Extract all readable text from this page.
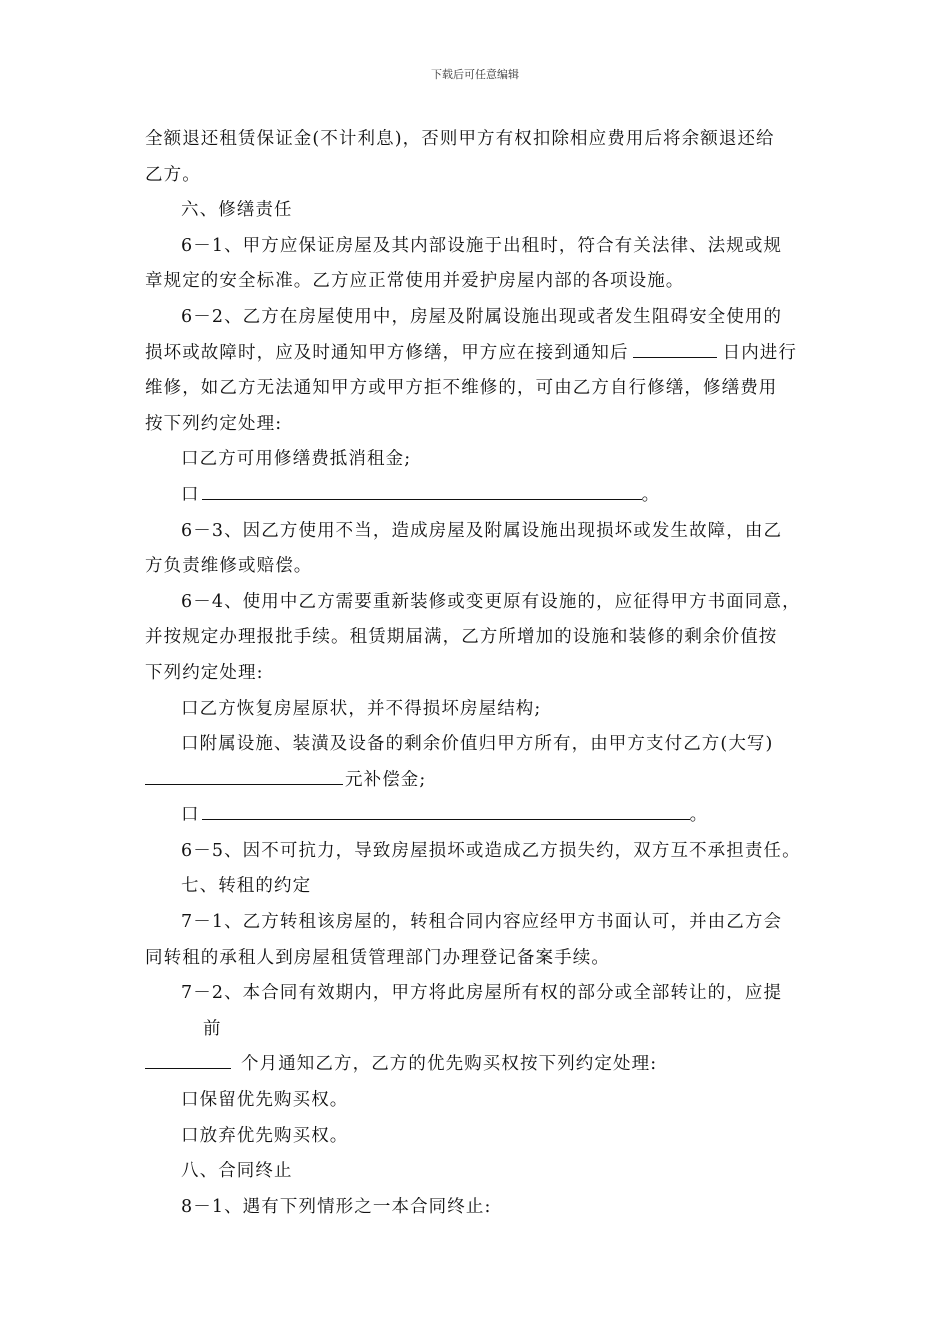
下载后可任意编辑
全额退还租赁保证金(不计利息)，否则甲方有权扣除相应费用后将余额退还给
乙方。
六、修缮责任
6－1、甲方应保证房屋及其内部设施于出租时，符合有关法律、法规或规
章规定的安全标准。乙方应正常使用并爱护房屋内部的各项设施。
6－2、乙方在房屋使用中，房屋及附属设施出现或者发生阻碍安全使用的
损坏或故障时，应及时通知甲方修缮，甲方应在接到通知后	日内进行
维修，如乙方无法通知甲方或甲方拒不维修的，可由乙方自行修缮，修缮费用
按下列约定处理:
口乙方可用修缮费抵消租金;
口	。
6－3、因乙方使用不当，造成房屋及附属设施出现损坏或发生故障，由乙
方负责维修或赔偿。
6－4、使用中乙方需要重新装修或变更原有设施的，应征得甲方书面同意，
并按规定办理报批手续。租赁期届满，乙方所增加的设施和装修的剩余价值按
下列约定处理:
口乙方恢复房屋原状，并不得损坏房屋结构;
口附属设施、装潢及设备的剩余价值归甲方所有，由甲方支付乙方(大写)
元补偿金;
口	。
6－5、因不可抗力，导致房屋损坏或造成乙方损失约，双方互不承担责任。
七、转租的约定
7－1、乙方转租该房屋的，转租合同内容应经甲方书面认可，并由乙方会
同转租的承租人到房屋租赁管理部门办理登记备案手续。
7－2、本合同有效期内，甲方将此房屋所有权的部分或全部转让的，应提
前
个月通知乙方，乙方的优先购买权按下列约定处理:
口保留优先购买权。
口放弃优先购买权。
八、合同终止
8－1、遇有下列情形之一本合同终止:
